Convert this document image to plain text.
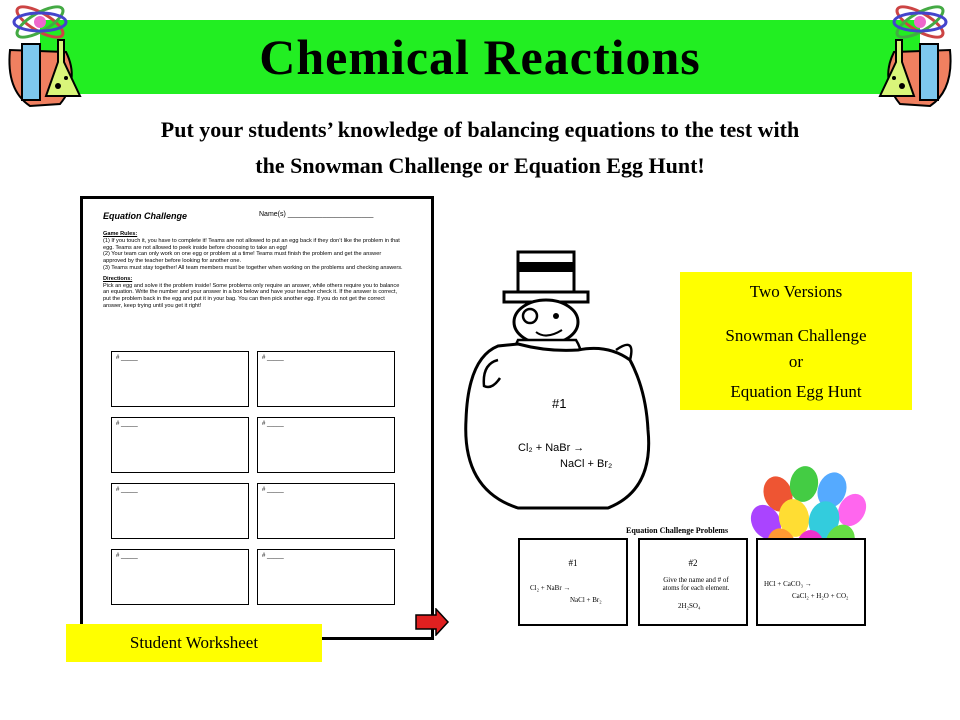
Chemical Reactions
Put your students’ knowledge of balancing equations to the test with
the Snowman Challenge or Equation Egg Hunt!
Equation Challenge	Name(s) ______________________
Game Rules:
(1) If you touch it, you have to complete it! Teams are not allowed to put an egg back if they don’t like the problem in that egg. Teams are not allowed to peek inside before choosing to take an egg!
(2) Your team can only work on one egg or problem at a time! Teams must finish the problem and get the answer approved by the teacher before looking for another one.
(3) Teams must stay together! All team members must be together when working on the problems and checking answers.
Directions:
Pick an egg and solve it the problem inside! Some problems only require an answer, while others require you to balance an equation. Write the number and your answer in a box below and have your teacher check it. If the answer is correct, put the problem back in the egg and put it in your bag. You can then pick another egg. If you do not get the correct answer, keep trying until you get it right!
# _____	# _____
# _____	# _____
# _____	# _____
# _____	# _____
Student Worksheet
#1
Cl₂ + NaBr →
NaCl + Br₂
Two Versions
Snowman Challenge
or
Equation Egg Hunt
Equation Challenge Problems
#1
Cl₂ + NaBr →
NaCl + Br₂
#2
Give the name and # of atoms for each element.
2H₂SO₄
HCl + CaCO₃ →
CaCl₂ + H₂O + CO₂
